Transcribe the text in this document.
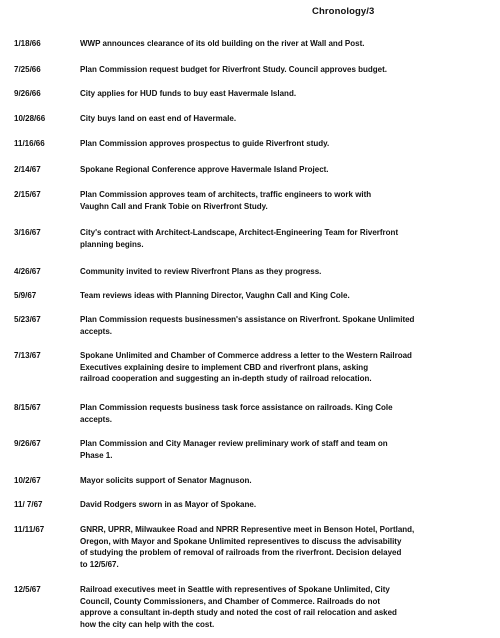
Chronology/3
1/18/66	WWP announces clearance of its old building on the river at Wall and Post.
7/25/66	Plan Commission request budget for Riverfront Study. Council approves budget.
9/26/66	City applies for HUD funds to buy east Havermale Island.
10/28/66	City buys land on east end of Havermale.
11/16/66	Plan Commission approves prospectus to guide Riverfront study.
2/14/67	Spokane Regional Conference approve Havermale Island Project.
2/15/67	Plan Commission approves team of architects, traffic engineers to work with
Vaughn Call and Frank Tobie on Riverfront Study.
3/16/67	City's contract with Architect-Landscape, Architect-Engineering Team for Riverfront
planning begins.
4/26/67	Community invited to review Riverfront Plans as they progress.
5/9/67	Team reviews ideas with Planning Director, Vaughn Call and King Cole.
5/23/67	Plan Commission requests businessmen's assistance on Riverfront. Spokane Unlimited
accepts.
7/13/67	Spokane Unlimited and Chamber of Commerce address a letter to the Western Railroad
Executives explaining desire to implement CBD and riverfront plans, asking
railroad cooperation and suggesting an in-depth study of railroad relocation.
8/15/67	Plan Commission requests business task force assistance on railroads. King Cole
accepts.
9/26/67	Plan Commission and City Manager review preliminary work of staff and team on
Phase 1.
10/2/67	Mayor solicits support of Senator Magnuson.
11/ 7/67	David Rodgers sworn in as Mayor of Spokane.
11/11/67	GNRR, UPRR, Milwaukee Road and NPRR Representive meet in Benson Hotel, Portland,
Oregon, with Mayor and Spokane Unlimited representives to discuss the advisability
of studying the problem of removal of railroads from the riverfront. Decision delayed
to 12/5/67.
12/5/67	Railroad executives meet in Seattle with representives of Spokane Unlimited, City
Council, County Commissioners, and Chamber of Commerce. Railroads do not
approve a consultant in-depth study and noted the cost of rail relocation and asked
how the city can help with the cost.
